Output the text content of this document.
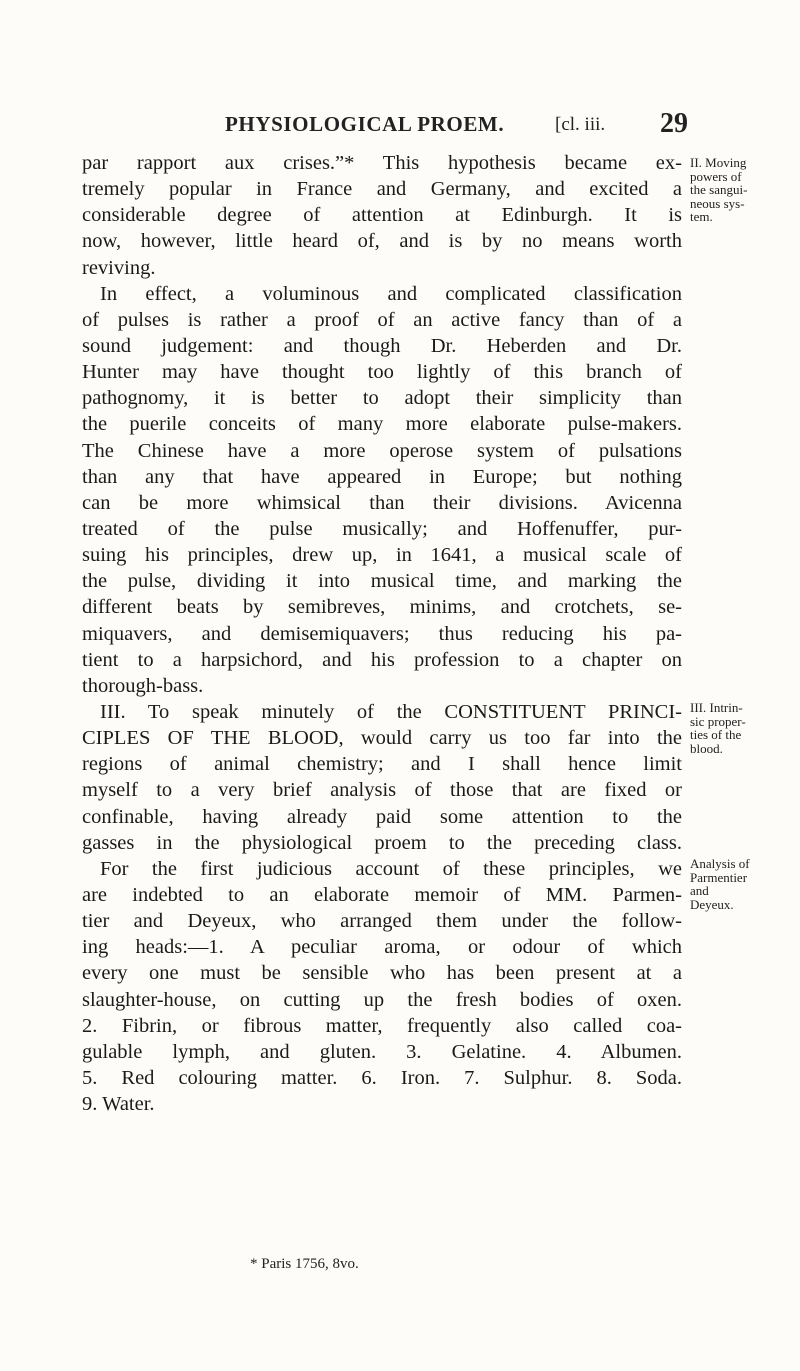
PHYSIOLOGICAL PROEM.	[cl. iii. 29
par rapport aux crises.”* This hypothesis became ex-
tremely popular in France and Germany, and excited a
considerable degree of attention at Edinburgh. It is
now, however, little heard of, and is by no means worth
reviving.
In effect, a voluminous and complicated classification
of pulses is rather a proof of an active fancy than of a
sound judgement: and though Dr. Heberden and Dr.
Hunter may have thought too lightly of this branch of
pathognomy, it is better to adopt their simplicity than
the puerile conceits of many more elaborate pulse-makers.
The Chinese have a more operose system of pulsations
than any that have appeared in Europe; but nothing
can be more whimsical than their divisions. Avicenna
treated of the pulse musically; and Hoffenuffer, pur-
suing his principles, drew up, in 1641, a musical scale of
the pulse, dividing it into musical time, and marking the
different beats by semibreves, minims, and crotchets, se-
miquavers, and demisemiquavers; thus reducing his pa-
tient to a harpsichord, and his profession to a chapter on
thorough-bass.
III. To speak minutely of the CONSTITUENT PRINCI-
CIPLES OF THE BLOOD, would carry us too far into the
regions of animal chemistry; and I shall hence limit
myself to a very brief analysis of those that are fixed or
confinable, having already paid some attention to the
gasses in the physiological proem to the preceding class.
For the first judicious account of these principles, we
are indebted to an elaborate memoir of MM. Parmen-
tier and Deyeux, who arranged them under the follow-
ing heads:—1. A peculiar aroma, or odour of which
every one must be sensible who has been present at a
slaughter-house, on cutting up the fresh bodies of oxen.
2. Fibrin, or fibrous matter, frequently also called coa-
gulable lymph, and gluten. 3. Gelatine. 4. Albumen.
5. Red colouring matter. 6. Iron. 7. Sulphur. 8. Soda.
9. Water.
II. Moving
powers of
the sangui-
neous sys-
tem.
III. Intrin-
sic proper-
ties of the
blood.
Analysis of
Parmentier
and
Deyeux.
* Paris 1756, 8vo.
